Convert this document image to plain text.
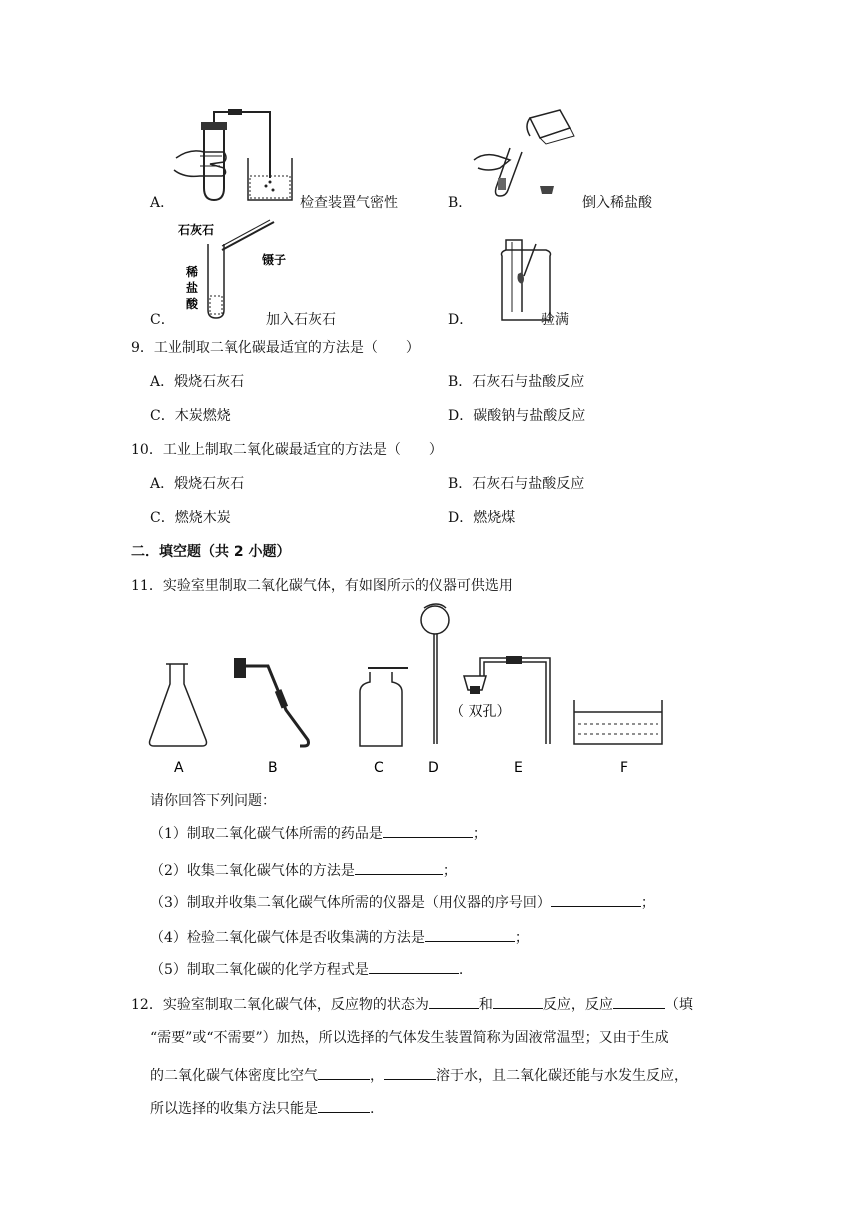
石灰石
镊子
稀
盐
酸
A．	检查装置气密性	B．	倒入稀盐酸
C．	加入石灰石	D．	验满
9．工业制取二氧化碳最适宜的方法是（　　）
A．煅烧石灰石	B．石灰石与盐酸反应
C．木炭燃烧	D．碳酸钠与盐酸反应
10．工业上制取二氧化碳最适宜的方法是（　　）
A．煅烧石灰石	B．石灰石与盐酸反应
C．燃烧木炭	D．燃烧煤
二．填空题（共 2 小题）
11．实验室里制取二氧化碳气体，有如图所示的仪器可供选用
（ 双孔）
A	B	C	D	E	F
请你回答下列问题：
（1）制取二氧化碳气体所需的药品是	；
（2）收集二氧化碳气体的方法是	；
（3）制取并收集二氧化碳气体所需的仪器是（用仪器的序号回）	；
（4）检验二氧化碳气体是否收集满的方法是	；
（5）制取二氧化碳的化学方程式是	.
12．实验室制取二氧化碳气体，反应物的状态为	和	反应，反应	（填
“需要”或“不需要”）加热，所以选择的气体发生装置简称为固液常温型；又由于生成
的二氧化碳气体密度比空气	，	溶于水，且二氧化碳还能与水发生反应，
所以选择的收集方法只能是	.
